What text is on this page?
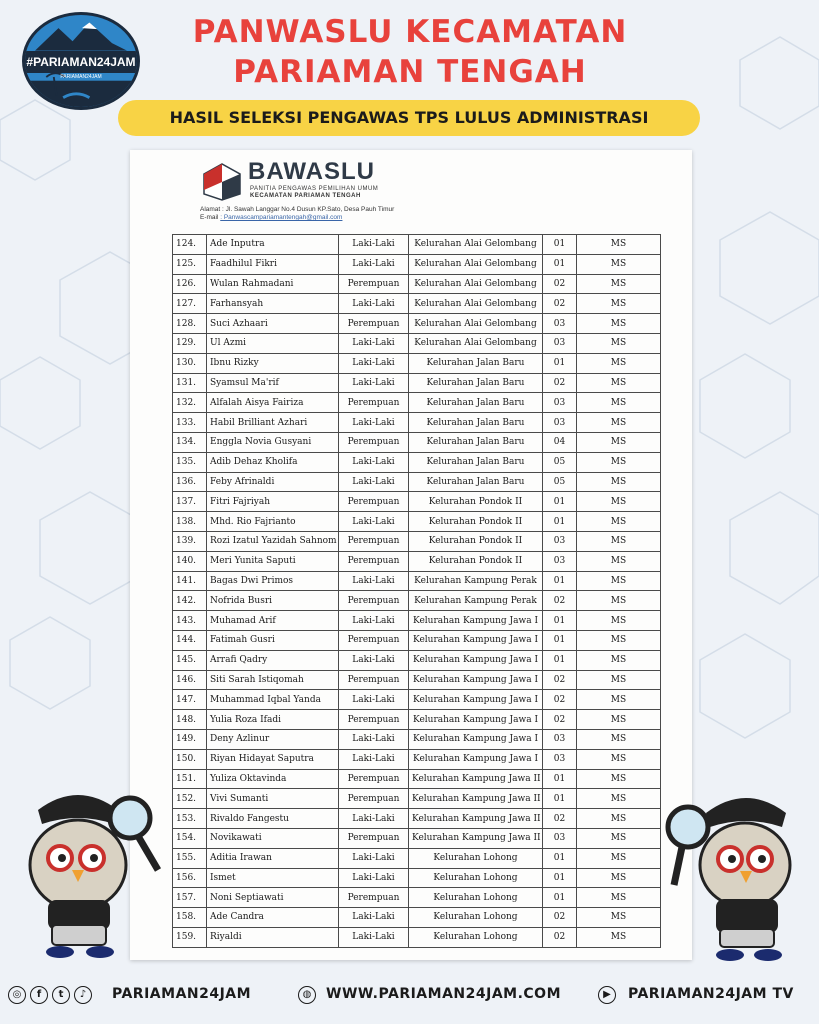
#PARIAMAN24JAM
PARIAMAN24JAM
PANWASLU KECAMATAN
PARIAMAN TENGAH
HASIL SELEKSI PENGAWAS TPS LULUS ADMINISTRASI
BAWASLU
PANITIA PENGAWAS PEMILIHAN UMUM
KECAMATAN PARIAMAN TENGAH
Alamat : Jl. Sawah Langgar No.4 Dusun KP.Sato, Desa Pauh Timur
E-mail : Panwascampariamantengah@gmail.com
124.	Ade Inputra	Laki-Laki	Kelurahan Alai Gelombang	01	MS
125.	Faadhilul Fikri	Laki-Laki	Kelurahan Alai Gelombang	01	MS
126.	Wulan Rahmadani	Perempuan	Kelurahan Alai Gelombang	02	MS
127.	Farhansyah	Laki-Laki	Kelurahan Alai Gelombang	02	MS
128.	Suci Azhaari	Perempuan	Kelurahan Alai Gelombang	03	MS
129.	Ul Azmi	Laki-Laki	Kelurahan Alai Gelombang	03	MS
130.	Ibnu Rizky	Laki-Laki	Kelurahan Jalan Baru	01	MS
131.	Syamsul Ma'rif	Laki-Laki	Kelurahan Jalan Baru	02	MS
132.	Alfalah Aisya Fairiza	Perempuan	Kelurahan Jalan Baru	03	MS
133.	Habil Brilliant Azhari	Laki-Laki	Kelurahan Jalan Baru	03	MS
134.	Enggla Novia Gusyani	Perempuan	Kelurahan Jalan Baru	04	MS
135.	Adib Dehaz Kholifa	Laki-Laki	Kelurahan Jalan Baru	05	MS
136.	Feby Afrinaldi	Laki-Laki	Kelurahan Jalan Baru	05	MS
137.	Fitri Fajriyah	Perempuan	Kelurahan Pondok II	01	MS
138.	Mhd. Rio Fajrianto	Laki-Laki	Kelurahan Pondok II	01	MS
139.	Rozi Izatul Yazidah Sahnom	Perempuan	Kelurahan Pondok II	03	MS
140.	Meri Yunita Saputi	Perempuan	Kelurahan Pondok II	03	MS
141.	Bagas Dwi Primos	Laki-Laki	Kelurahan Kampung Perak	01	MS
142.	Nofrida Busri	Perempuan	Kelurahan Kampung Perak	02	MS
143.	Muhamad Arif	Laki-Laki	Kelurahan Kampung Jawa I	01	MS
144.	Fatimah Gusri	Perempuan	Kelurahan Kampung Jawa I	01	MS
145.	Arrafi Qadry	Laki-Laki	Kelurahan Kampung Jawa I	01	MS
146.	Siti Sarah Istiqomah	Perempuan	Kelurahan Kampung Jawa I	02	MS
147.	Muhammad Iqbal Yanda	Laki-Laki	Kelurahan Kampung Jawa I	02	MS
148.	Yulia Roza Ifadi	Perempuan	Kelurahan Kampung Jawa I	02	MS
149.	Deny Azlinur	Laki-Laki	Kelurahan Kampung Jawa I	03	MS
150.	Riyan Hidayat Saputra	Laki-Laki	Kelurahan Kampung Jawa I	03	MS
151.	Yuliza Oktavinda	Perempuan	Kelurahan Kampung Jawa II	01	MS
152.	Vivi Sumanti	Perempuan	Kelurahan Kampung Jawa II	01	MS
153.	Rivaldo Fangestu	Laki-Laki	Kelurahan Kampung Jawa II	02	MS
154.	Novikawati	Perempuan	Kelurahan Kampung Jawa II	03	MS
155.	Aditia Irawan	Laki-Laki	Kelurahan Lohong	01	MS
156.	Ismet	Laki-Laki	Kelurahan Lohong	01	MS
157.	Noni Septiawati	Perempuan	Kelurahan Lohong	01	MS
158.	Ade Candra	Laki-Laki	Kelurahan Lohong	02	MS
159.	Riyaldi	Laki-Laki	Kelurahan Lohong	02	MS
◎	f	t	♪	PARIAMAN24JAM	◍	WWW.PARIAMAN24JAM.COM	▶	PARIAMAN24JAM TV
